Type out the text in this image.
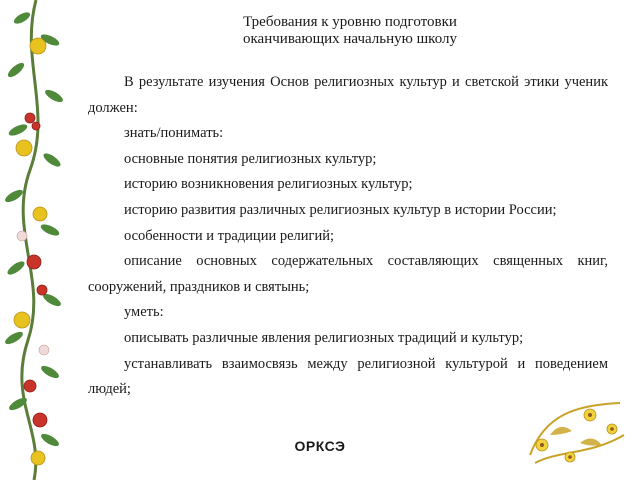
Требования к уровню подготовки
оканчивающих начальную школу

В результате изучения Основ религиозных культур и светской этики ученик должен:

знать/понимать:

основные понятия религиозных культур;

историю возникновения религиозных культур;

историю развития различных религиозных культур в истории России;

особенности и традиции религий;

описание основных содержательных составляющих священных книг, сооружений, праздников и святынь;

уметь:

описывать различные явления религиозных традиций и культур;

устанавливать взаимосвязь между религиозной культурой и поведением людей;

ОРКСЭ
